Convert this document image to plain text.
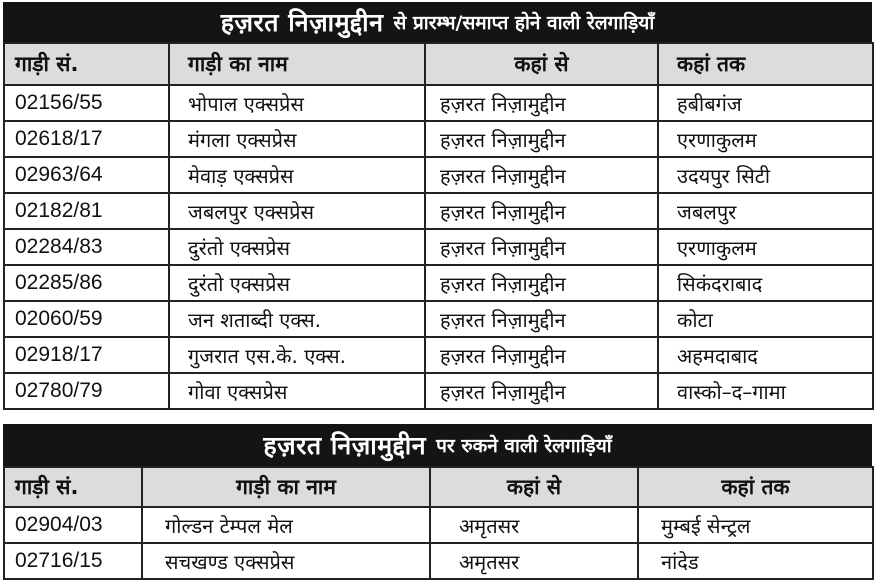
हज़रत निज़ामुद्दीन से प्रारम्भ/समाप्त होने वाली रेलगाड़ियाँ
गाड़ी सं.	गाड़ी का नाम	कहां से	कहां तक
02156/55	भोपाल एक्सप्रेस	हज़रत निज़ामुद्दीन	हबीबगंज
02618/17	मंगला एक्सप्रेस	हज़रत निज़ामुद्दीन	एरणाकुलम
02963/64	मेवाड़ एक्सप्रेस	हज़रत निज़ामुद्दीन	उदयपुर सिटी
02182/81	जबलपुर एक्सप्रेस	हज़रत निज़ामुद्दीन	जबलपुर
02284/83	दुरंतो एक्सप्रेस	हज़रत निज़ामुद्दीन	एरणाकुलम
02285/86	दुरंतो एक्सप्रेस	हज़रत निज़ामुद्दीन	सिकंदराबाद
02060/59	जन शताब्दी एक्स.	हज़रत निज़ामुद्दीन	कोटा
02918/17	गुजरात एस.के. एक्स.	हज़रत निज़ामुद्दीन	अहमदाबाद
02780/79	गोवा एक्सप्रेस	हज़रत निज़ामुद्दीन	वास्को–द–गामा
हज़रत निज़ामुद्दीन पर रुकने वाली रेलगाड़ियाँ
गाड़ी सं.	गाड़ी का नाम	कहां से	कहां तक
02904/03	गोल्डन टेम्पल मेल	अमृतसर	मुम्बई सेन्ट्रल
02716/15	सचखण्ड एक्सप्रेस	अमृतसर	नांदेड
